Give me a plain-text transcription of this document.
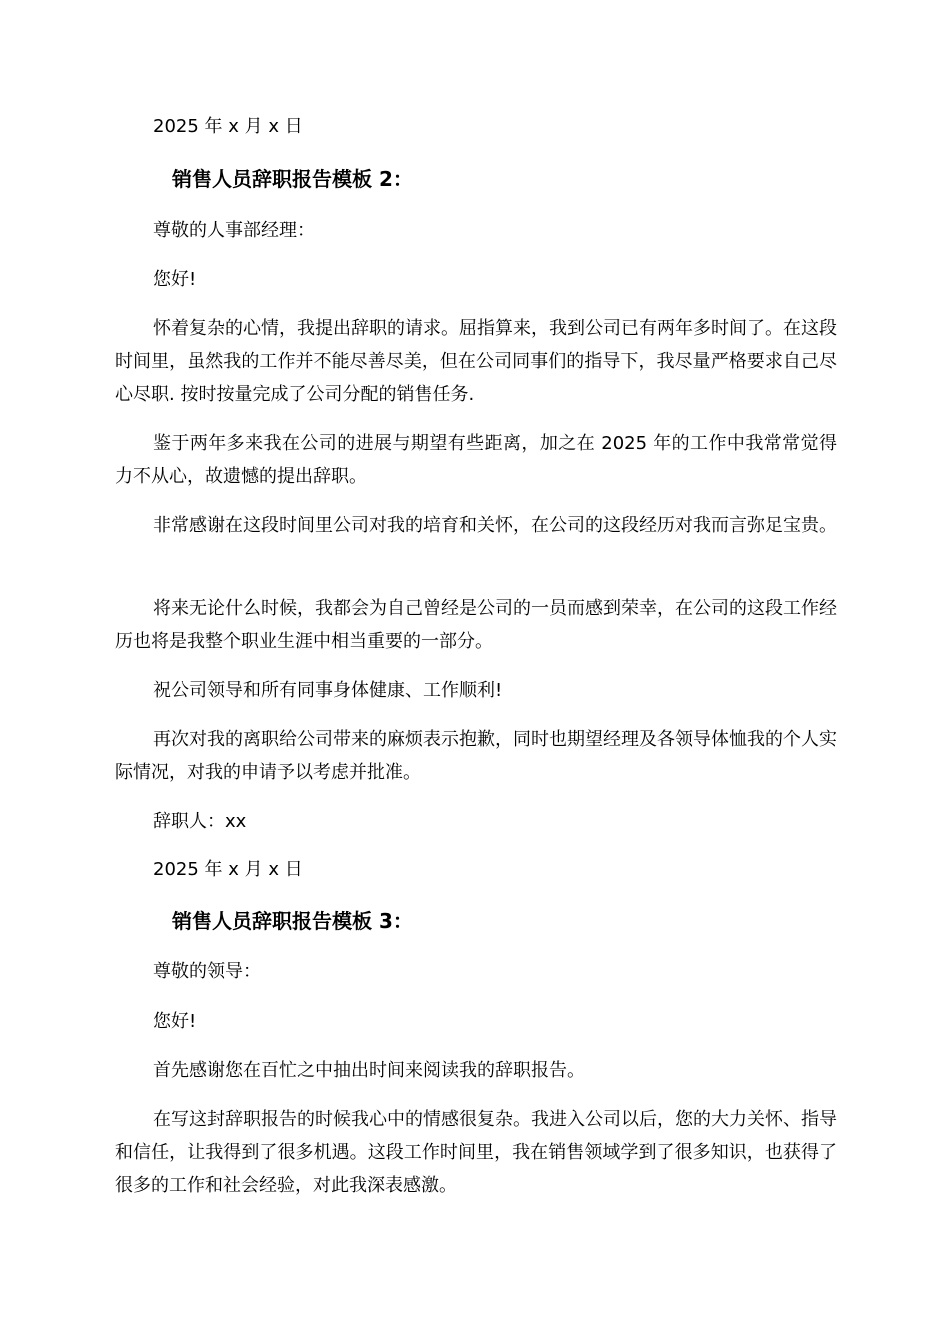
2025 年 x 月 x 日
销售人员辞职报告模板 2：
尊敬的人事部经理：
您好!
怀着复杂的心情，我提出辞职的请求。屈指算来，我到公司已有两年多时间了。在这段时间里，虽然我的工作并不能尽善尽美，但在公司同事们的指导下，我尽量严格要求自己尽心尽职. 按时按量完成了公司分配的销售任务.
鉴于两年多来我在公司的进展与期望有些距离，加之在 2025 年的工作中我常常觉得力不从心，故遗憾的提出辞职。
非常感谢在这段时间里公司对我的培育和关怀，在公司的这段经历对我而言弥足宝贵。
将来无论什么时候，我都会为自己曾经是公司的一员而感到荣幸，在公司的这段工作经历也将是我整个职业生涯中相当重要的一部分。
祝公司领导和所有同事身体健康、工作顺利!
再次对我的离职给公司带来的麻烦表示抱歉，同时也期望经理及各领导体恤我的个人实际情况，对我的申请予以考虑并批准。
辞职人：xx
2025 年 x 月 x 日
销售人员辞职报告模板 3：
尊敬的领导：
您好!
首先感谢您在百忙之中抽出时间来阅读我的辞职报告。
在写这封辞职报告的时候我心中的情感很复杂。我进入公司以后，您的大力关怀、指导和信任，让我得到了很多机遇。这段工作时间里，我在销售领域学到了很多知识，也获得了很多的工作和社会经验，对此我深表感激。
